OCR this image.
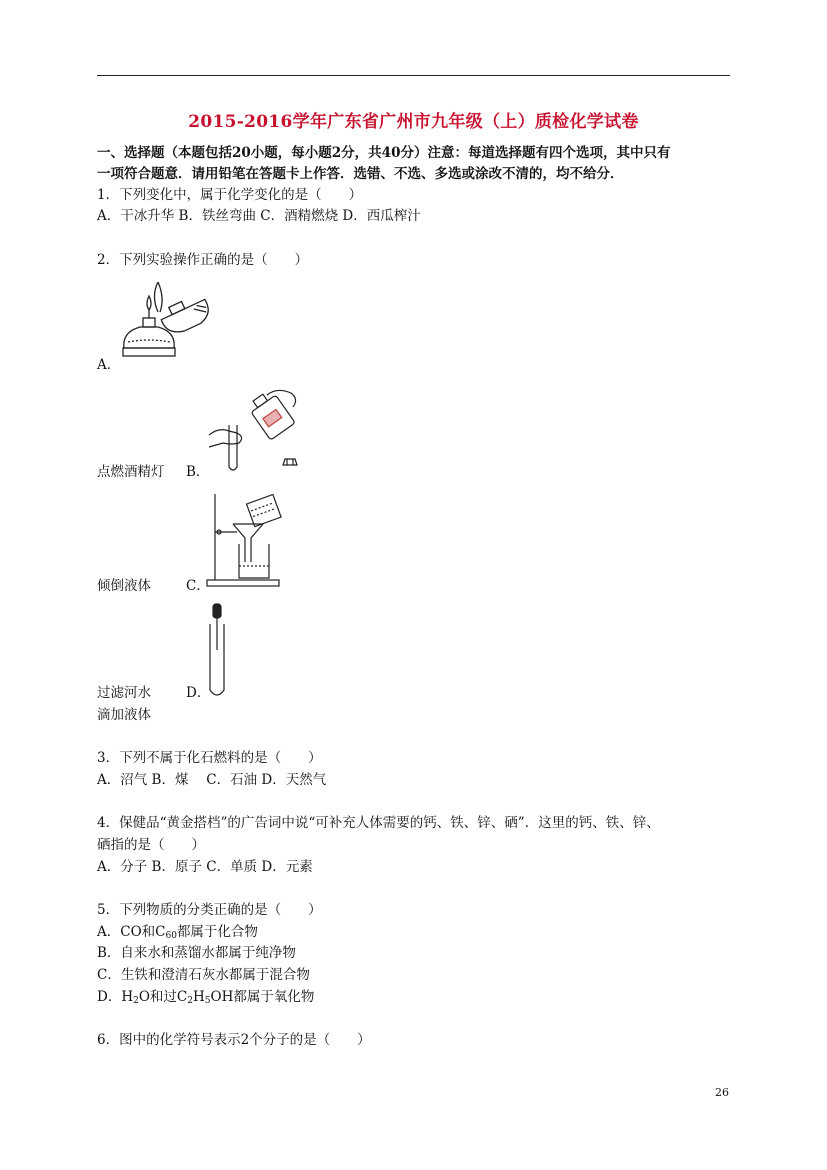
2015-2016学年广东省广州市九年级（上）质检化学试卷
一、选择题（本题包括20小题，每小题2分，共40分）注意：每道选择题有四个选项，其中只有
一项符合题意．请用铅笔在答题卡上作答．选错、不选、多选或涂改不清的，均不给分．
1．下列变化中，属于化学变化的是（　　）
A．干冰升华 B．铁丝弯曲 C．酒精燃烧 D．西瓜榨汁
2．下列实验操作正确的是（　　）
A．
点燃酒精灯 B．
倾倒液体	C．
过滤河水	D．
滴加液体
3．下列不属于化石燃料的是（　　）
A．沼气 B．煤　 C．石油 D．天然气
4．保健品“黄金搭档”的广告词中说“可补充人体需要的钙、铁、锌、硒”．这里的钙、铁、锌、
硒指的是（　　）
A．分子 B．原子 C．单质 D．元素
5．下列物质的分类正确的是（　　）
A．CO和$C_{60}$都属于化合物
B．自来水和蒸馏水都属于纯净物
C．生铁和澄清石灰水都属于混合物
D．$H_2O$和过$C_2H_5OH$都属于氧化物
6．图中的化学符号表示2个分子的是（　　）
26
